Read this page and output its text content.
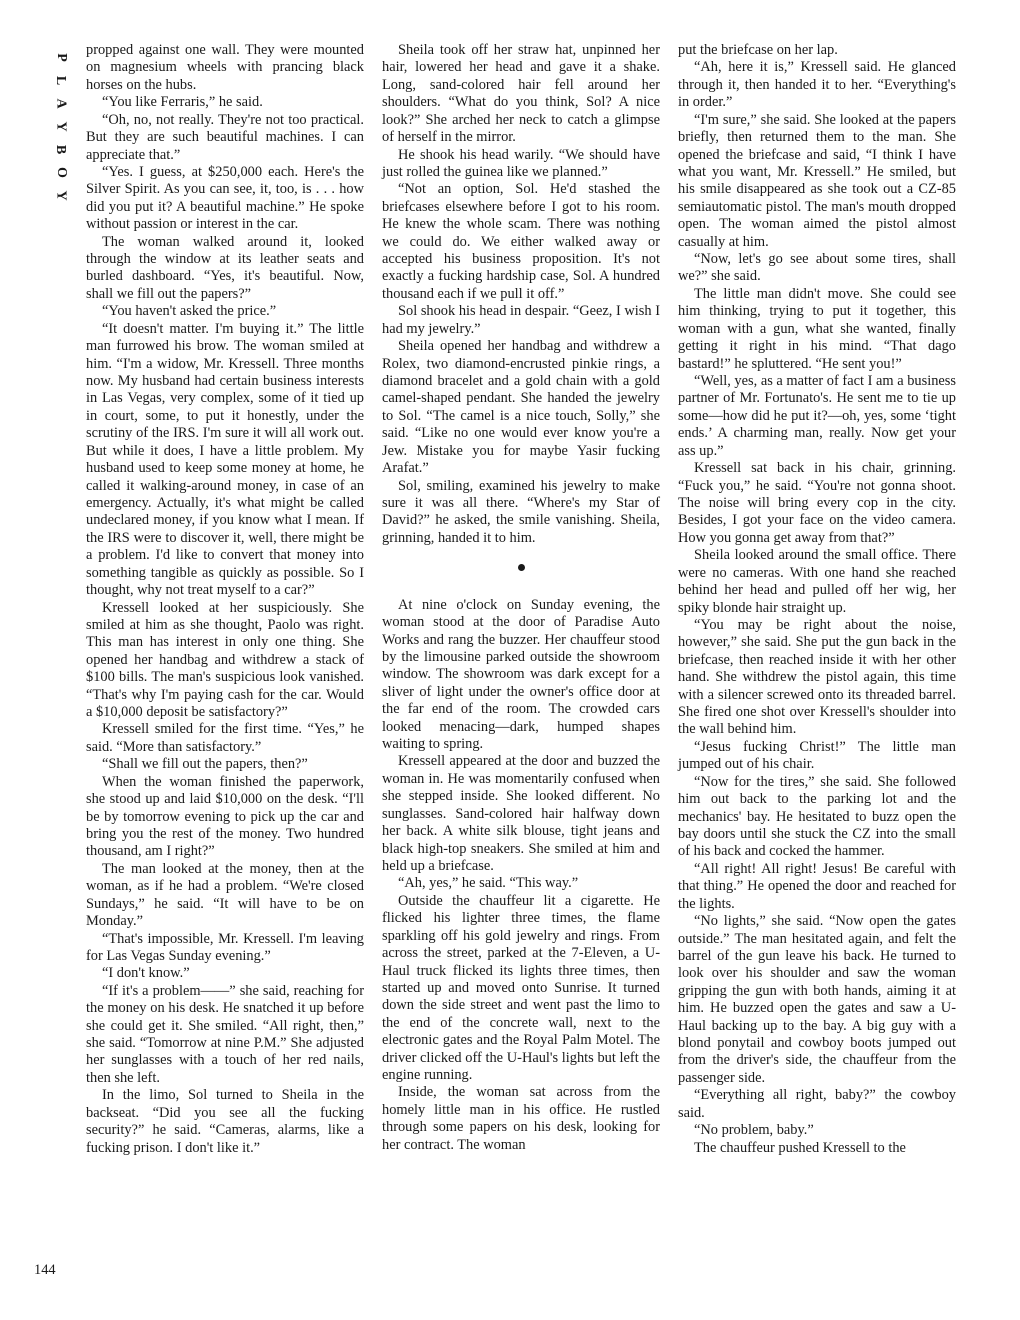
P
L
A
Y
B
O
Y

propped against one wall. They were mounted on magnesium wheels with prancing black horses on the hubs.

“You like Ferraris,” he said.

“Oh, no, not really. They're not too practical. But they are such beautiful machines. I can appreciate that.”

“Yes. I guess, at $250,000 each. Here's the Silver Spirit. As you can see, it, too, is . . . how did you put it? A beautiful machine.” He spoke without passion or interest in the car.

The woman walked around it, looked through the window at its leather seats and burled dashboard. “Yes, it's beautiful. Now, shall we fill out the papers?”

“You haven't asked the price.”

“It doesn't matter. I'm buying it.” The little man furrowed his brow. The woman smiled at him. “I'm a widow, Mr. Kressell. Three months now. My husband had certain business interests in Las Vegas, very complex, some of it tied up in court, some, to put it honestly, under the scrutiny of the IRS. I'm sure it will all work out. But while it does, I have a little problem. My husband used to keep some money at home, he called it walking-around money, in case of an emergency. Actually, it's what might be called undeclared money, if you know what I mean. If the IRS were to discover it, well, there might be a problem. I'd like to convert that money into something tangible as quickly as possible. So I thought, why not treat myself to a car?”

Kressell looked at her suspiciously. She smiled at him as she thought, Paolo was right. This man has interest in only one thing. She opened her handbag and withdrew a stack of $100 bills. The man's suspicious look vanished. “That's why I'm paying cash for the car. Would a $10,000 deposit be satisfactory?”

Kressell smiled for the first time. “Yes,” he said. “More than satisfactory.”

“Shall we fill out the papers, then?”

When the woman finished the paperwork, she stood up and laid $10,000 on the desk. “I'll be by tomorrow evening to pick up the car and bring you the rest of the money. Two hundred thousand, am I right?”

The man looked at the money, then at the woman, as if he had a problem. “We're closed Sundays,” he said. “It will have to be on Monday.”

“That's impossible, Mr. Kressell. I'm leaving for Las Vegas Sunday evening.”

“I don't know.”

“If it's a problem——” she said, reaching for the money on his desk. He snatched it up before she could get it. She smiled. “All right, then,” she said. “Tomorrow at nine P.M.” She adjusted her sunglasses with a touch of her red nails, then she left.

In the limo, Sol turned to Sheila in the backseat. “Did you see all the fucking security?” he said. “Cameras, alarms, like a fucking prison. I don't like it.”

Sheila took off her straw hat, unpinned her hair, lowered her head and gave it a shake. Long, sand-colored hair fell around her shoulders. “What do you think, Sol? A nice look?” She arched her neck to catch a glimpse of herself in the mirror.

He shook his head warily. “We should have just rolled the guinea like we planned.”

“Not an option, Sol. He'd stashed the briefcases elsewhere before I got to his room. He knew the whole scam. There was nothing we could do. We either walked away or accepted his business proposition. It's not exactly a fucking hardship case, Sol. A hundred thousand each if we pull it off.”

Sol shook his head in despair. “Geez, I wish I had my jewelry.”

Sheila opened her handbag and withdrew a Rolex, two diamond-encrusted pinkie rings, a diamond bracelet and a gold chain with a gold camel-shaped pendant. She handed the jewelry to Sol. “The camel is a nice touch, Solly,” she said. “Like no one would ever know you're a Jew. Mistake you for maybe Yasir fucking Arafat.”

Sol, smiling, examined his jewelry to make sure it was all there. “Where's my Star of David?” he asked, the smile vanishing. Sheila, grinning, handed it to him.

At nine o'clock on Sunday evening, the woman stood at the door of Paradise Auto Works and rang the buzzer. Her chauffeur stood by the limousine parked outside the showroom window. The showroom was dark except for a sliver of light under the owner's office door at the far end of the room. The crowded cars looked menacing—dark, humped shapes waiting to spring.

Kressell appeared at the door and buzzed the woman in. He was momentarily confused when she stepped inside. She looked different. No sunglasses. Sand-colored hair halfway down her back. A white silk blouse, tight jeans and black high-top sneakers. She smiled at him and held up a briefcase.

“Ah, yes,” he said. “This way.”

Outside the chauffeur lit a cigarette. He flicked his lighter three times, the flame sparkling off his gold jewelry and rings. From across the street, parked at the 7-Eleven, a U-Haul truck flicked its lights three times, then started up and moved onto Sunrise. It turned down the side street and went past the limo to the end of the concrete wall, next to the electronic gates and the Royal Palm Motel. The driver clicked off the U-Haul's lights but left the engine running.

Inside, the woman sat across from the homely little man in his office. He rustled through some papers on his desk, looking for her contract. The woman

put the briefcase on her lap.

“Ah, here it is,” Kressell said. He glanced through it, then handed it to her. “Everything's in order.”

“I'm sure,” she said. She looked at the papers briefly, then returned them to the man. She opened the briefcase and said, “I think I have what you want, Mr. Kressell.” He smiled, but his smile disappeared as she took out a CZ-85 semiautomatic pistol. The man's mouth dropped open. The woman aimed the pistol almost casually at him.

“Now, let's go see about some tires, shall we?” she said.

The little man didn't move. She could see him thinking, trying to put it together, this woman with a gun, what she wanted, finally getting it right in his mind. “That dago bastard!” he spluttered. “He sent you!”

“Well, yes, as a matter of fact I am a business partner of Mr. Fortunato's. He sent me to tie up some—how did he put it?—oh, yes, some ‘tight ends.’ A charming man, really. Now get your ass up.”

Kressell sat back in his chair, grinning. “Fuck you,” he said. “You're not gonna shoot. The noise will bring every cop in the city. Besides, I got your face on the video camera. How you gonna get away from that?”

Sheila looked around the small office. There were no cameras. With one hand she reached behind her head and pulled off her wig, her spiky blonde hair straight up.

“You may be right about the noise, however,” she said. She put the gun back in the briefcase, then reached inside it with her other hand. She withdrew the pistol again, this time with a silencer screwed onto its threaded barrel. She fired one shot over Kressell's shoulder into the wall behind him.

“Jesus fucking Christ!” The little man jumped out of his chair.

“Now for the tires,” she said. She followed him out back to the parking lot and the mechanics' bay. He hesitated to buzz open the bay doors until she stuck the CZ into the small of his back and cocked the hammer.

“All right! All right! Jesus! Be careful with that thing.” He opened the door and reached for the lights.

“No lights,” she said. “Now open the gates outside.” The man hesitated again, and felt the barrel of the gun leave his back. He turned to look over his shoulder and saw the woman gripping the gun with both hands, aiming it at him. He buzzed open the gates and saw a U-Haul backing up to the bay. A big guy with a blond ponytail and cowboy boots jumped out from the driver's side, the chauffeur from the passenger side.

“Everything all right, baby?” the cowboy said.

“No problem, baby.”

The chauffeur pushed Kressell to the

144
